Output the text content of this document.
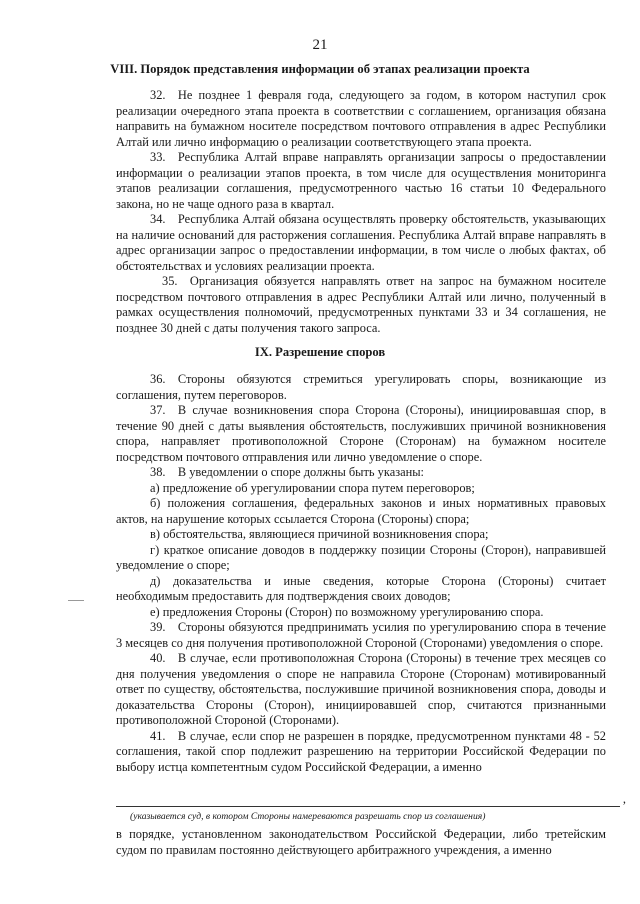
21
VIII. Порядок представления информации об этапах реализации проекта

32. Не позднее 1 февраля года, следующего за годом, в котором наступил срок реализации очередного этапа проекта в соответствии с соглашением, организация обязана направить на бумажном носителе посредством почтового отправления в адрес Республики Алтай или лично информацию о реализации соответствующего этапа проекта.

33. Республика Алтай вправе направлять организации запросы о предоставлении информации о реализации этапов проекта, в том числе для осуществления мониторинга этапов реализации соглашения, предусмотренного частью 16 статьи 10 Федерального закона, но не чаще одного раза в квартал.

34. Республика Алтай обязана осуществлять проверку обстоятельств, указывающих на наличие оснований для расторжения соглашения. Республика Алтай вправе направлять в адрес организации запрос о предоставлении информации, в том числе о любых фактах, об обстоятельствах и условиях реализации проекта.

35. Организация обязуется направлять ответ на запрос на бумажном носителе посредством почтового отправления в адрес Республики Алтай или лично, полученный в рамках осуществления полномочий, предусмотренных пунктами 33 и 34 соглашения, не позднее 30 дней с даты получения такого запроса.

IX. Разрешение споров

36. Стороны обязуются стремиться урегулировать споры, возникающие из соглашения, путем переговоров.

37. В случае возникновения спора Сторона (Стороны), инициировавшая спор, в течение 90 дней с даты выявления обстоятельств, послуживших причиной возникновения спора, направляет противоположной Стороне (Сторонам) на бумажном носителе посредством почтового отправления или лично уведомление о споре.

38. В уведомлении о споре должны быть указаны:

а) предложение об урегулировании спора путем переговоров;

б) положения соглашения, федеральных законов и иных нормативных правовых актов, на нарушение которых ссылается Сторона (Стороны) спора;

в) обстоятельства, являющиеся причиной возникновения спора;

г) краткое описание доводов в поддержку позиции Стороны (Сторон), направившей уведомление о споре;

д) доказательства и иные сведения, которые Сторона (Стороны) считает необходимым предоставить для подтверждения своих доводов;

е) предложения Стороны (Сторон) по возможному урегулированию спора.

39. Стороны обязуются предпринимать усилия по урегулированию спора в течение 3 месяцев со дня получения противоположной Стороной (Сторонами) уведомления о споре.

40. В случае, если противоположная Сторона (Стороны) в течение трех месяцев со дня получения уведомления о споре не направила Стороне (Сторонам) мотивированный ответ по существу, обстоятельства, послужившие причиной возникновения спора, доводы и доказательства Стороны (Сторон), инициировавшей спор, считаются признанными противоположной Стороной (Сторонами).

41. В случае, если спор не разрешен в порядке, предусмотренном пунктами 48 - 52 соглашения, такой спор подлежит разрешению на территории Российской Федерации по выбору истца компетентным судом Российской Федерации, а именно

,
(указывается суд, в котором Стороны намереваются разрешать спор из соглашения)

в порядке, установленном законодательством Российской Федерации, либо третейским судом по правилам постоянно действующего арбитражного учреждения, а именно
